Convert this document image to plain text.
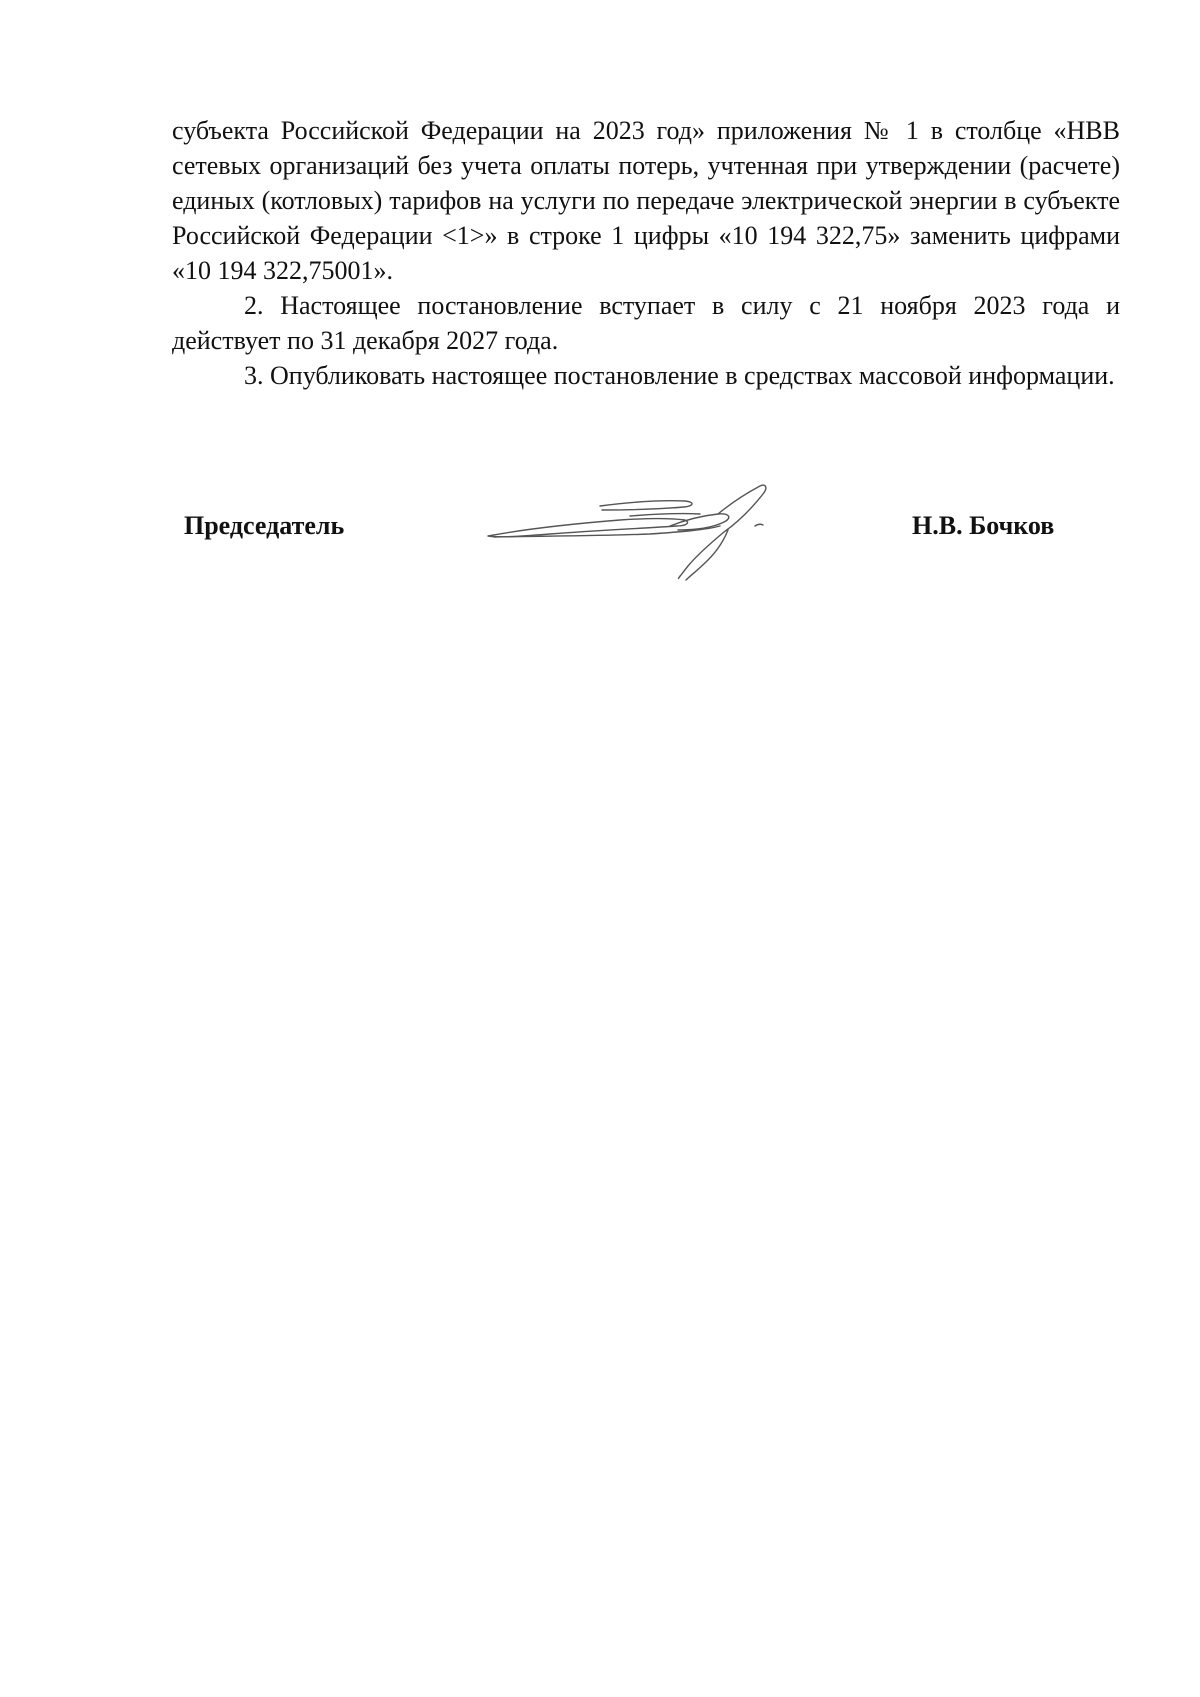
субъекта Российской Федерации на 2023 год» приложения № 1 в столбце «НВВ сетевых организаций без учета оплаты потерь, учтенная при утверждении (расчете) единых (котловых) тарифов на услуги по передаче электрической энергии в субъекте Российской Федерации <1>» в строке 1 цифры «10 194 322,75» заменить цифрами «10 194 322,75001».

2. Настоящее постановление вступает в силу с 21 ноября 2023 года и действует по 31 декабря 2027 года.

3. Опубликовать настоящее постановление в средствах массовой информации.

Председатель	Н.В. Бочков
